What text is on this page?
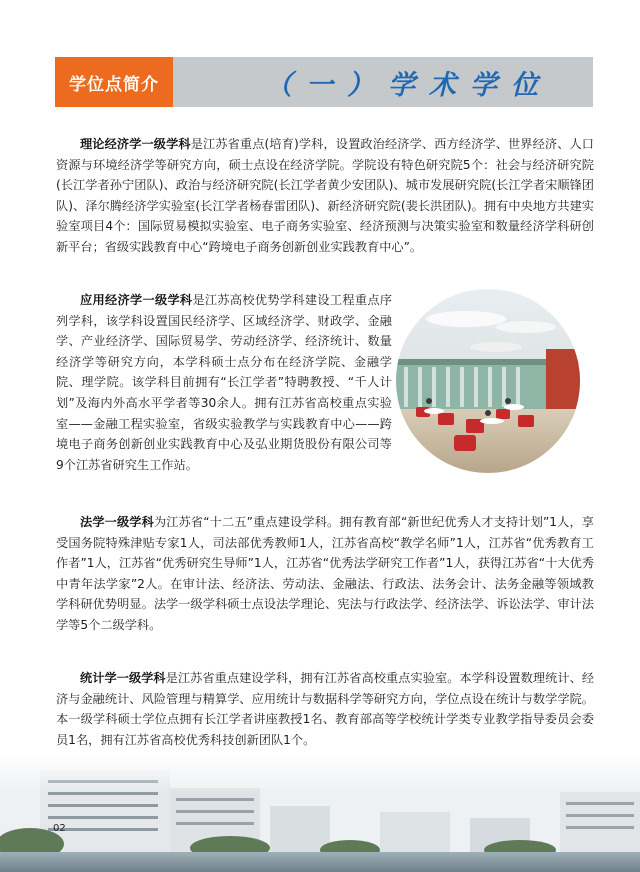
学位点简介	（一）学术学位

理论经济学一级学科是江苏省重点(培育)学科，设置政治经济学、西方经济学、世界经济、人口资源与环境经济学等研究方向，硕士点设在经济学院。学院设有特色研究院5个：社会与经济研究院(长江学者孙宁团队)、政治与经济研究院(长江学者黄少安团队)、城市发展研究院(长江学者宋顺锋团队)、泽尔腾经济学实验室(长江学者杨春雷团队)、新经济研究院(裴长洪团队)。拥有中央地方共建实验室项目4个：国际贸易模拟实验室、电子商务实验室、经济预测与决策实验室和数量经济学科研创新平台；省级实践教育中心“跨境电子商务创新创业实践教育中心”。

应用经济学一级学科是江苏高校优势学科建设工程重点序列学科，该学科设置国民经济学、区域经济学、财政学、金融学、产业经济学、国际贸易学、劳动经济学、经济统计、数量经济学等研究方向，本学科硕士点分布在经济学院、金融学院、理学院。该学科目前拥有“长江学者”特聘教授、“千人计划”及海内外高水平学者等30余人。拥有江苏省高校重点实验室——金融工程实验室，省级实验教学与实践教育中心——跨境电子商务创新创业实践教育中心及弘业期货股份有限公司等9个江苏省研究生工作站。

法学一级学科为江苏省“十二五”重点建设学科。拥有教育部“新世纪优秀人才支持计划”1人，享受国务院特殊津贴专家1人，司法部优秀教师1人，江苏省高校“教学名师”1人，江苏省“优秀教育工作者”1人，江苏省“优秀研究生导师”1人，江苏省“优秀法学研究工作者”1人，获得江苏省“十大优秀中青年法学家”2人。在审计法、经济法、劳动法、金融法、行政法、法务会计、法务金融等领域教学科研优势明显。法学一级学科硕士点设法学理论、宪法与行政法学、经济法学、诉讼法学、审计法学等5个二级学科。

统计学一级学科是江苏省重点建设学科，拥有江苏省高校重点实验室。本学科设置数理统计、经济与金融统计、风险管理与精算学、应用统计与数据科学等研究方向，学位点设在统计与数学学院。本一级学科硕士学位点拥有长江学者讲座教授1名、教育部高等学校统计学类专业教学指导委员会委员1名，拥有江苏省高校优秀科技创新团队1个。

02
